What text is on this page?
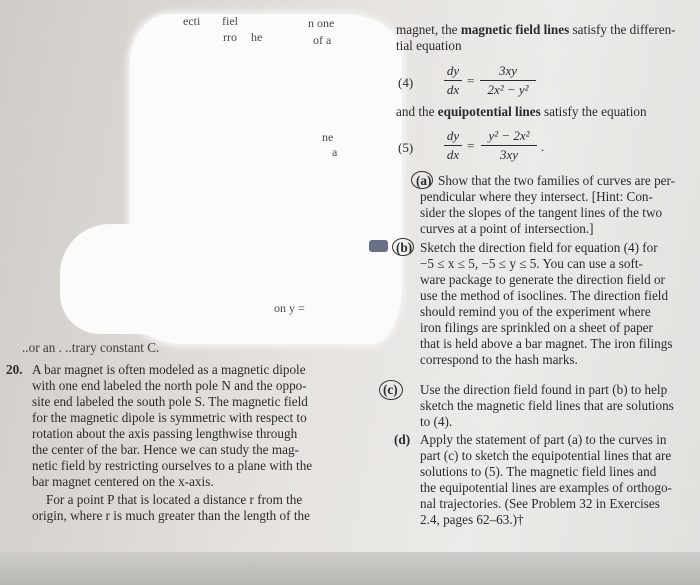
ecti fiel	n one
of a
he
rro
ne
a
on y =
magnet, the magnetic field lines satisfy the differen-
tial equation
(4)
dy
dx
=
3xy
2x² − y²
and the equipotential lines satisfy the equation
(5)
dy
dx
=
y² − 2x²
3xy
.
(a) Show that the two families of curves are per-
pendicular where they intersect. [Hint: Con-
sider the slopes of the tangent lines of the two
curves at a point of intersection.]
(b) Sketch the direction field for equation (4) for
−5 ≤ x ≤ 5, −5 ≤ y ≤ 5. You can use a soft-
ware package to generate the direction field or
use the method of isoclines. The direction field
should remind you of the experiment where
iron filings are sprinkled on a sheet of paper
that is held above a bar magnet. The iron filings
correspond to the hash marks.
(c) Use the direction field found in part (b) to help
sketch the magnetic field lines that are solutions
to (4).
(d) Apply the statement of part (a) to the curves in
part (c) to sketch the equipotential lines that are
solutions to (5). The magnetic field lines and
the equipotential lines are examples of orthogo-
nal trajectories. (See Problem 32 in Exercises
2.4, pages 62–63.)†
..or an . ..trary constant C.
20. A bar magnet is often modeled as a magnetic dipole
with one end labeled the north pole N and the oppo-
site end labeled the south pole S. The magnetic field
for the magnetic dipole is symmetric with respect to
rotation about the axis passing lengthwise through
the center of the bar. Hence we can study the mag-
netic field by restricting ourselves to a plane with the
bar magnet centered on the x-axis.
For a point P that is located a distance r from the
origin, where r is much greater than the length of the
